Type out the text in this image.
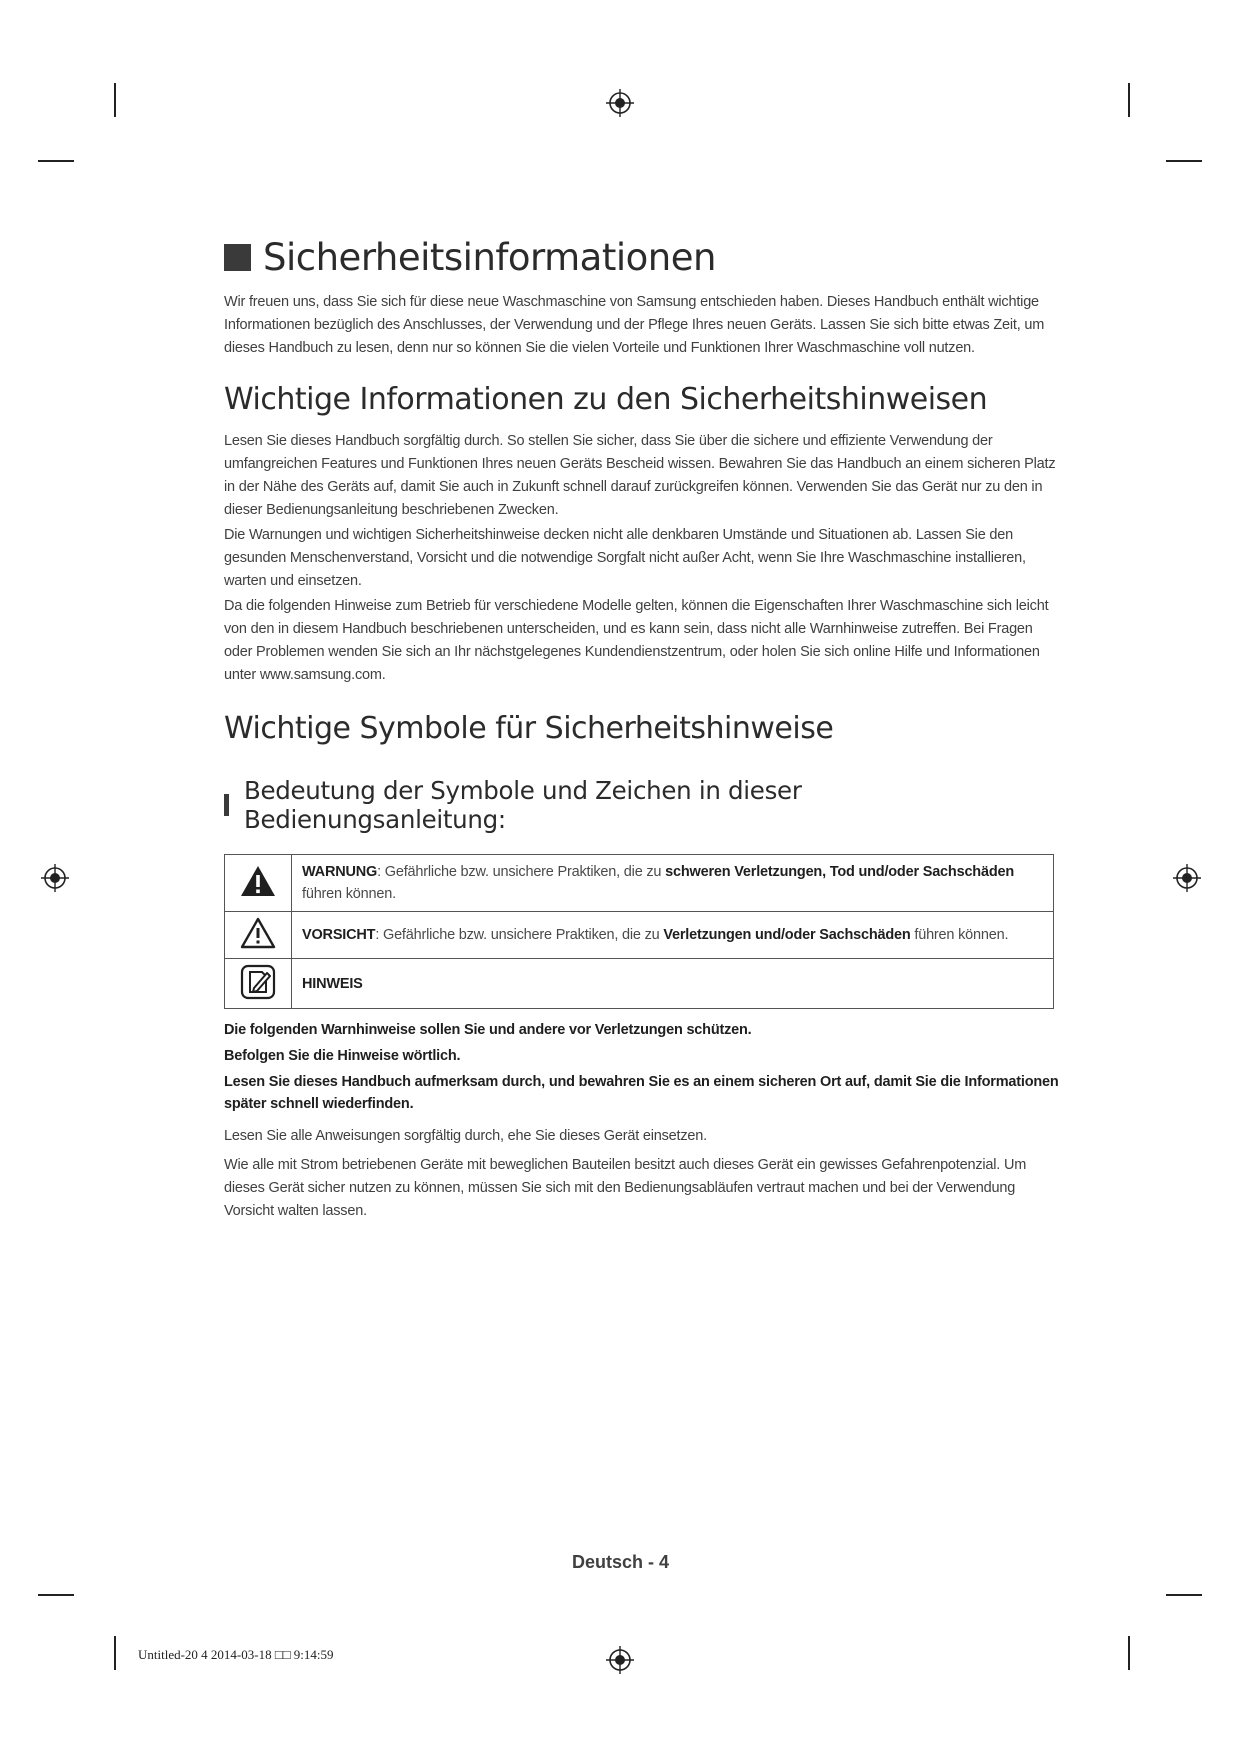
Sicherheitsinformationen

Wir freuen uns, dass Sie sich für diese neue Waschmaschine von Samsung entschieden haben. Dieses Handbuch enthält wichtige Informationen bezüglich des Anschlusses, der Verwendung und der Pflege Ihres neuen Geräts. Lassen Sie sich bitte etwas Zeit, um dieses Handbuch zu lesen, denn nur so können Sie die vielen Vorteile und Funktionen Ihrer Waschmaschine voll nutzen.

Wichtige Informationen zu den Sicherheitshinweisen

Lesen Sie dieses Handbuch sorgfältig durch. So stellen Sie sicher, dass Sie über die sichere und effiziente Verwendung der umfangreichen Features und Funktionen Ihres neuen Geräts Bescheid wissen. Bewahren Sie das Handbuch an einem sicheren Platz in der Nähe des Geräts auf, damit Sie auch in Zukunft schnell darauf zurückgreifen können. Verwenden Sie das Gerät nur zu den in dieser Bedienungsanleitung beschriebenen Zwecken.

Die Warnungen und wichtigen Sicherheitshinweise decken nicht alle denkbaren Umstände und Situationen ab. Lassen Sie den gesunden Menschenverstand, Vorsicht und die notwendige Sorgfalt nicht außer Acht, wenn Sie Ihre Waschmaschine installieren, warten und einsetzen.

Da die folgenden Hinweise zum Betrieb für verschiedene Modelle gelten, können die Eigenschaften Ihrer Waschmaschine sich leicht von den in diesem Handbuch beschriebenen unterscheiden, und es kann sein, dass nicht alle Warnhinweise zutreffen. Bei Fragen oder Problemen wenden Sie sich an Ihr nächstgelegenes Kundendienstzentrum, oder holen Sie sich online Hilfe und Informationen unter www.samsung.com.

Wichtige Symbole für Sicherheitshinweise
Bedeutung der Symbole und Zeichen in dieser Bedienungsanleitung:
	WARNUNG: Gefährliche bzw. unsichere Praktiken, die zu schweren Verletzungen, Tod und/oder Sachschäden führen können.
	VORSICHT: Gefährliche bzw. unsichere Praktiken, die zu Verletzungen und/oder Sachschäden führen können.
	HINWEIS

Die folgenden Warnhinweise sollen Sie und andere vor Verletzungen schützen.

Befolgen Sie die Hinweise wörtlich.

Lesen Sie dieses Handbuch aufmerksam durch, und bewahren Sie es an einem sicheren Ort auf, damit Sie die Informationen später schnell wiederfinden.

Lesen Sie alle Anweisungen sorgfältig durch, ehe Sie dieses Gerät einsetzen.

Wie alle mit Strom betriebenen Geräte mit beweglichen Bauteilen besitzt auch dieses Gerät ein gewisses Gefahrenpotenzial. Um dieses Gerät sicher nutzen zu können, müssen Sie sich mit den Bedienungsabläufen vertraut machen und bei der Verwendung Vorsicht walten lassen.

Deutsch - 4
Untitled-20 4 2014-03-18 □□ 9:14:59
